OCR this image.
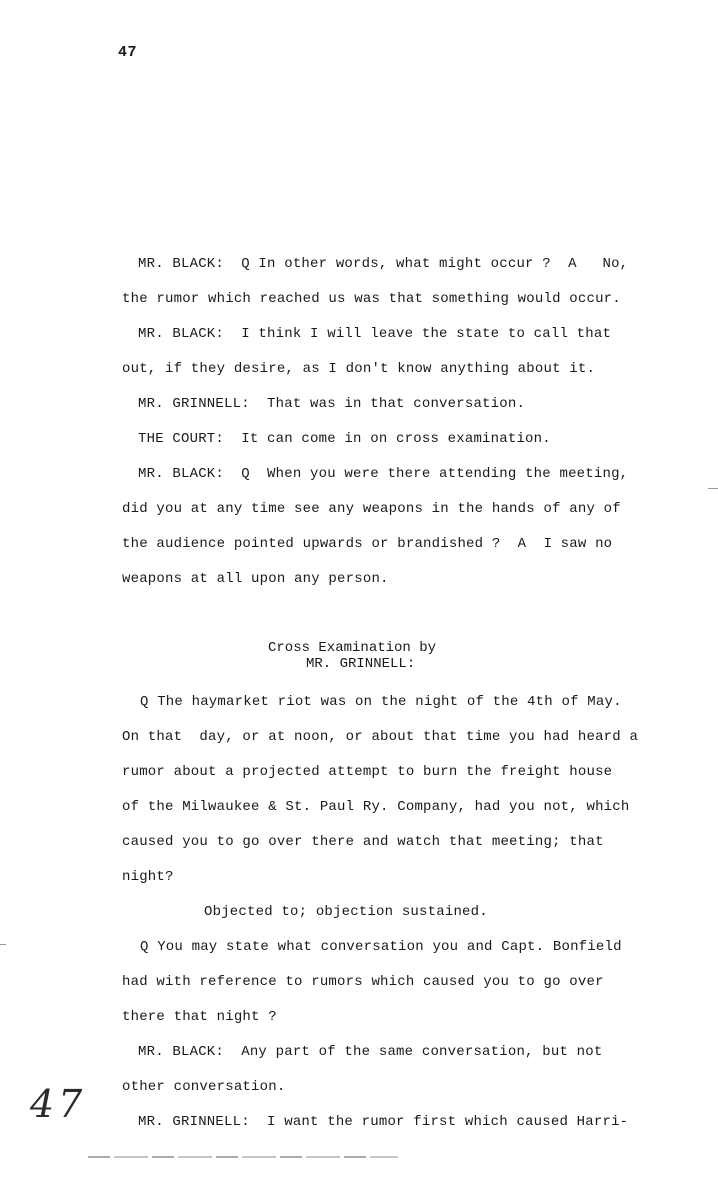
47
MR. BLACK:  Q In other words, what might occur ?  A   No,
the rumor which reached us was that something would occur.
MR. BLACK:  I think I will leave the state to call that
out, if they desire, as I don't know anything about it.
MR. GRINNELL:  That was in that conversation.
THE COURT:  It can come in on cross examination.
MR. BLACK:  Q  When you were there attending the meeting,
did you at any time see any weapons in the hands of any of
the audience pointed upwards or brandished ?  A  I saw no
weapons at all upon any person.
Cross Examination by
MR. GRINNELL:
Q The haymarket riot was on the night of the 4th of May.
On that  day, or at noon, or about that time you had heard a
rumor about a projected attempt to burn the freight house
of the Milwaukee & St. Paul Ry. Company, had you not, which
caused you to go over there and watch that meeting; that
night?
Objected to; objection sustained.
Q You may state what conversation you and Capt. Bonfield
had with reference to rumors which caused you to go over
there that night ?
MR. BLACK:  Any part of the same conversation, but not
other conversation.
MR. GRINNELL:  I want the rumor first which caused Harri-
47
